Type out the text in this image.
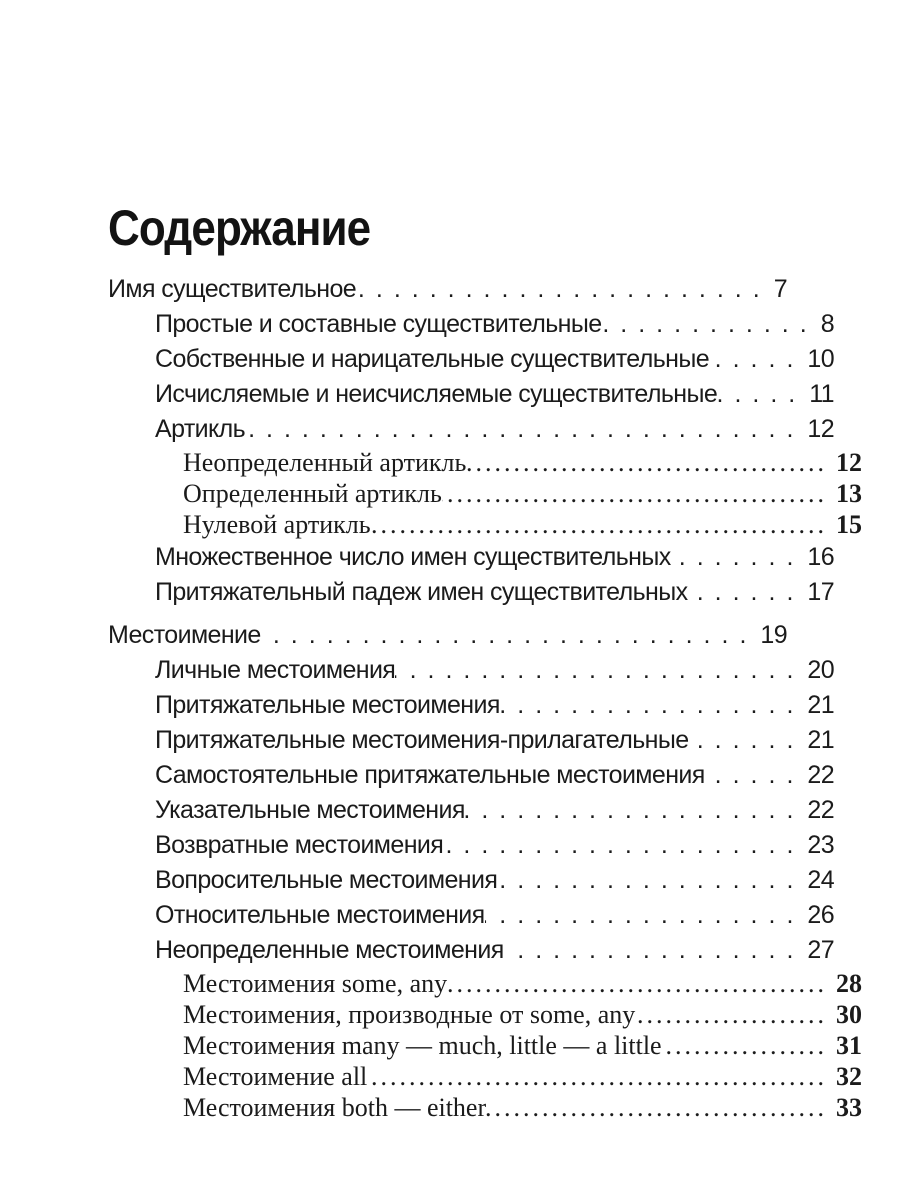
Содержание
Имя существительное .....	7
Простые и составные существительные .....	8
Собственные и нарицательные существительные .....	10
Исчисляемые и неисчисляемые существительные .....	11
Артикль .....	12
Неопределенный артикль .....	12
Определенный артикль .....	13
Нулевой артикль .....	15
Множественное число имен существительных .....	16
Притяжательный падеж имен существительных .....	17
Местоимение .....	19
Личные местоимения .....	20
Притяжательные местоимения .....	21
Притяжательные местоимения-прилагательные .....	21
Самостоятельные притяжательные местоимения .....	22
Указательные местоимения .....	22
Возвратные местоимения .....	23
Вопросительные местоимения .....	24
Относительные местоимения .....	26
Неопределенные местоимения .....	27
Местоимения some, any .....	28
Местоимения, производные от some, any .....	30
Местоимения many — much, little — a little .....	31
Местоимение all .....	32
Местоимения both — either .....	33
